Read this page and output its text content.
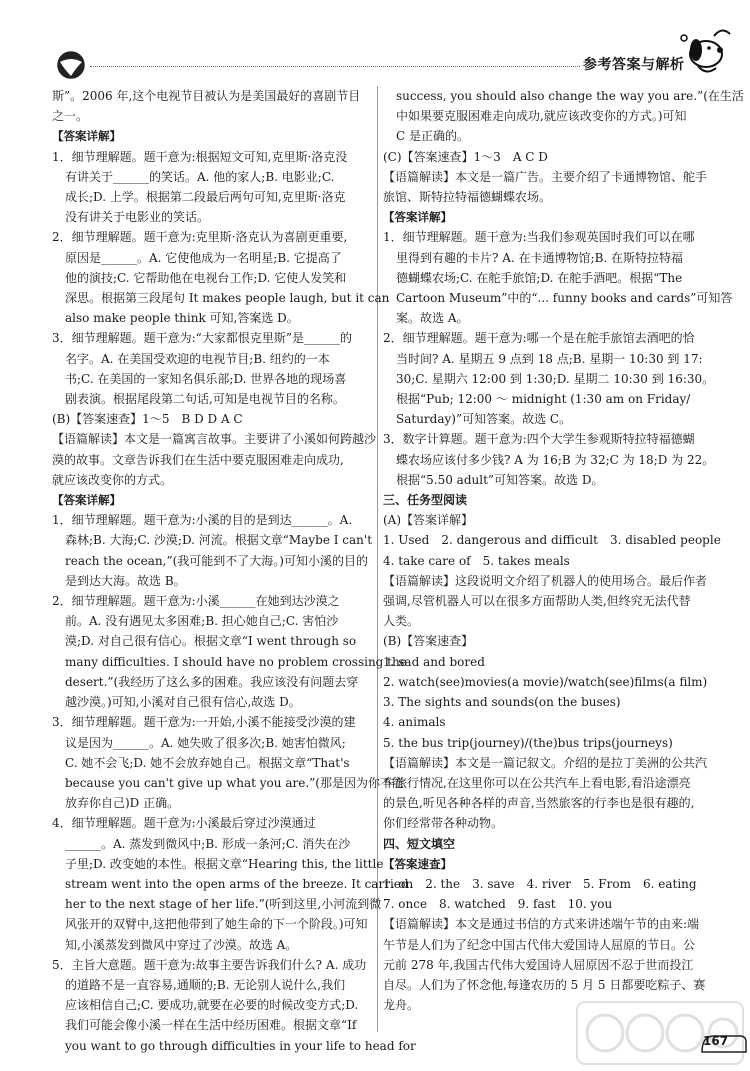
参考答案与解析
斯”。2006 年,这个电视节目被认为是美国最好的喜剧节目
之一。
【答案详解】
1．细节理解题。题干意为:根据短文可知,克里斯·洛克没
有讲关于______的笑话。A. 他的家人;B. 电影业;C.
成长;D. 上学。根据第二段最后两句可知,克里斯·洛克
没有讲关于电影业的笑话。
2．细节理解题。题干意为:克里斯·洛克认为喜剧更重要,
原因是______。A. 它使他成为一名明星;B. 它提高了
他的演技;C. 它帮助他在电视台工作;D. 它使人发笑和
深思。根据第三段尾句 It makes people laugh, but it can
also make people think 可知,答案选 D。
3．细节理解题。题干意为:“大家都恨克里斯”是______的
名字。A. 在美国受欢迎的电视节目;B. 纽约的一本
书;C. 在美国的一家知名俱乐部;D. 世界各地的现场喜
剧表演。根据尾段第二句话,可知是电视节目的名称。
(B)【答案速查】1～5　B D D A C
【语篇解读】本文是一篇寓言故事。主要讲了小溪如何跨越沙
漠的故事。文章告诉我们在生活中要克服困难走向成功,
就应该改变你的方式。
【答案详解】
1．细节理解题。题干意为:小溪的目的是到达______。A.
森林;B. 大海;C. 沙漠;D. 河流。根据文章“Maybe I can't
reach the ocean,”(我可能到不了大海。)可知小溪的目的
是到达大海。故选 B。
2．细节理解题。题干意为:小溪______在她到达沙漠之
前。A. 没有遇见太多困难;B. 担心她自己;C. 害怕沙
漠;D. 对自己很有信心。根据文章“I went through so
many difficulties. I should have no problem crossing the
desert.”(我经历了这么多的困难。我应该没有问题去穿
越沙漠。)可知,小溪对自己很有信心,故选 D。
3．细节理解题。题干意为:一开始,小溪不能接受沙漠的建
议是因为______。A. 她失败了很多次;B. 她害怕微风;
C. 她不会飞;D. 她不会放弃她自己。根据文章“That's
because you can't give up what you are.”(那是因为你不能
放弃你自己)D 正确。
4．细节理解题。题干意为:小溪最后穿过沙漠通过
______。A. 蒸发到微风中;B. 形成一条河;C. 消失在沙
子里;D. 改变她的本性。根据文章“Hearing this, the little
stream went into the open arms of the breeze. It carried
her to the next stage of her life.”(听到这里,小河流到微
风张开的双臂中,这把他带到了她生命的下一个阶段。)可知
知,小溪蒸发到微风中穿过了沙漠。故选 A。
5．主旨大意题。题干意为:故事主要告诉我们什么? A. 成功
的道路不是一直容易,通顺的;B. 无论别人说什么,我们
应该相信自己;C. 要成功,就要在必要的时候改变方式;D.
我们可能会像小溪一样在生活中经历困难。根据文章“If
you want to go through difficulties in your life to head for
success, you should also change the way you are.”(在生活
中如果要克服困难走向成功,就应该改变你的方式。)可知
C 是正确的。
(C)【答案速查】1～3　A C D
【语篇解读】本文是一篇广告。主要介绍了卡通博物馆、舵手
旅馆、斯特拉特福德蝴蝶农场。
【答案详解】
1．细节理解题。题干意为:当我们参观英国时我们可以在哪
里得到有趣的卡片? A. 在卡通博物馆;B. 在斯特拉特福
德蝴蝶农场;C. 在舵手旅馆;D. 在舵手酒吧。根据“The
Cartoon Museum”中的“... funny books and cards”可知答
案。故选 A。
2．细节理解题。题干意为:哪一个是在舵手旅馆去酒吧的恰
当时间? A. 星期五 9 点到 18 点;B. 星期一 10:30 到 17:
30;C. 星期六 12:00 到 1:30;D. 星期二 10:30 到 16:30。
根据“Pub; 12:00 ～ midnight (1:30 am on Friday/
Saturday)”可知答案。故选 C。
3．数字计算题。题干意为:四个大学生参观斯特拉特福德蝴
蝶农场应该付多少钱? A 为 16;B 为 32;C 为 18;D 为 22。
根据“5.50 adult”可知答案。故选 D。
三、任务型阅读
(A)【答案详解】
1. Used　2. dangerous and difficult　3. disabled people
4. take care of　5. takes meals
【语篇解读】这段说明文介绍了机器人的使用场合。最后作者
强调,尽管机器人可以在很多方面帮助人类,但终究无法代替
人类。
(B)【答案速查】
1. sad and bored
2. watch(see)movies(a movie)/watch(see)films(a film)
3. The sights and sounds(on the buses)
4. animals
5. the bus trip(journey)/(the)bus trips(journeys)
【语篇解读】本文是一篇记叙文。介绍的是拉丁美洲的公共汽
车旅行情况,在这里你可以在公共汽车上看电影,看沿途漂亮
的景色,听见各种各样的声音,当然旅客的行李也是很有趣的,
你们经常带各种动物。
四、短文填空
【答案速查】
1. on　2. the　3. save　4. river　5. From　6. eating
7. once　8. watched　9. fast　10. you
【语篇解读】本文是通过书信的方式来讲述端午节的由来:端
午节是人们为了纪念中国古代伟大爱国诗人屈原的节日。公
元前 278 年,我国古代伟大爱国诗人屈原因不忍于世而投江
自尽。人们为了怀念他,每逢农历的 5 月 5 日都要吃粽子、赛
龙舟。
167
